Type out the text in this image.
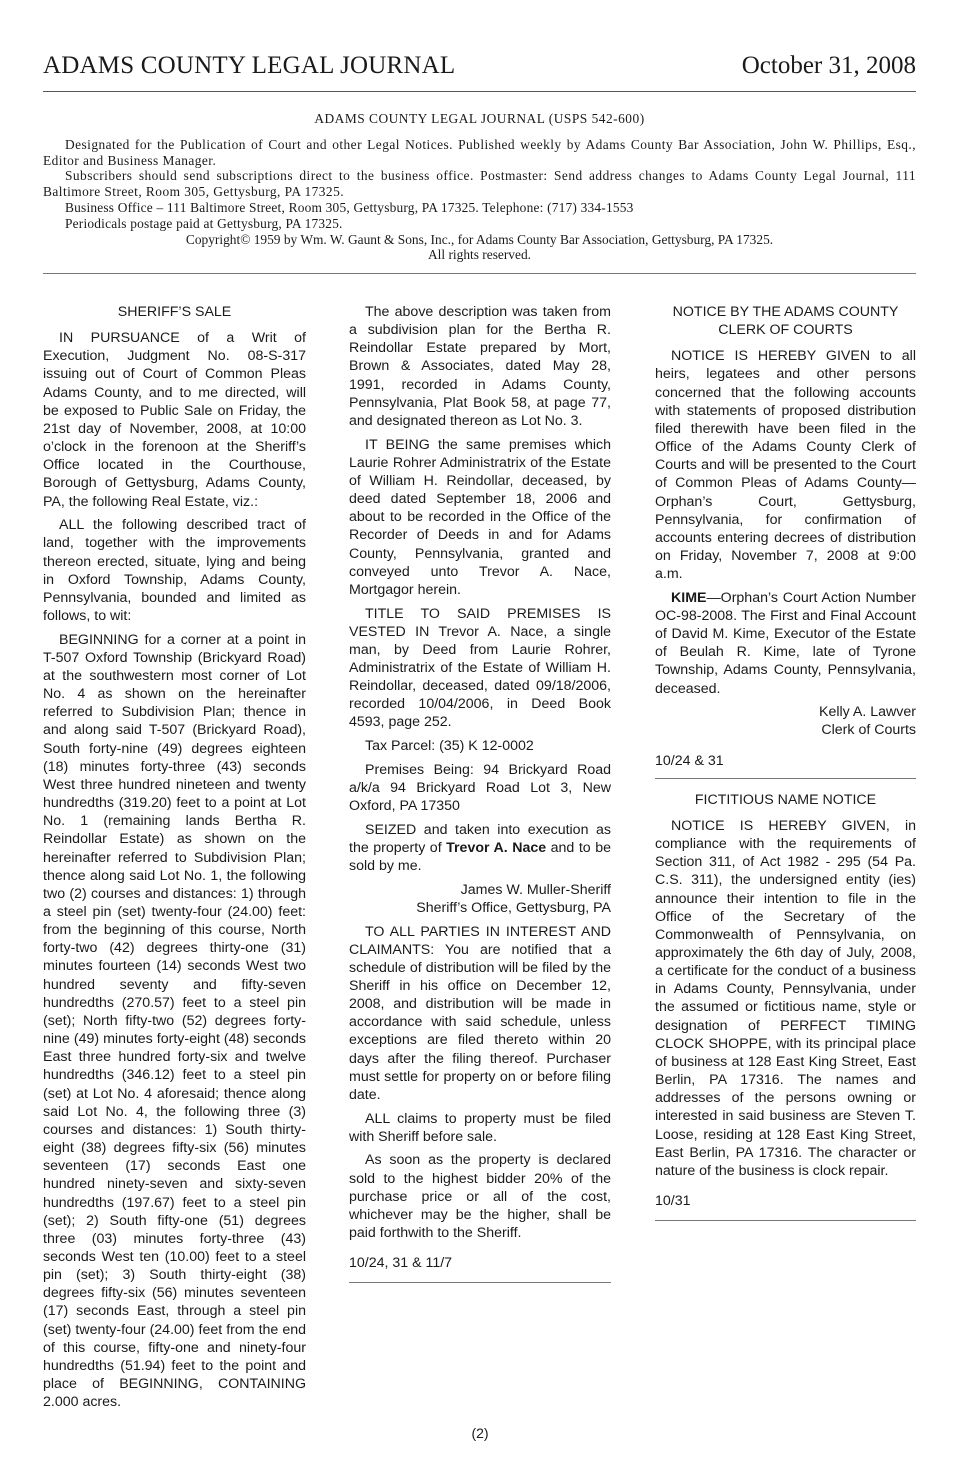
ADAMS COUNTY LEGAL JOURNAL	October 31, 2008
ADAMS COUNTY LEGAL JOURNAL (USPS 542-600)
Designated for the Publication of Court and other Legal Notices. Published weekly by Adams County Bar Association, John W. Phillips, Esq., Editor and Business Manager.
Subscribers should send subscriptions direct to the business office. Postmaster: Send address changes to Adams County Legal Journal, 111 Baltimore Street, Room 305, Gettysburg, PA 17325.
Business Office – 111 Baltimore Street, Room 305, Gettysburg, PA 17325. Telephone: (717) 334-1553
Periodicals postage paid at Gettysburg, PA 17325.
Copyright© 1959 by Wm. W. Gaunt & Sons, Inc., for Adams County Bar Association, Gettysburg, PA 17325.
All rights reserved.

SHERIFF’S SALE

IN PURSUANCE of a Writ of Execution, Judgment No. 08-S-317 issuing out of Court of Common Pleas Adams County, and to me directed, will be exposed to Public Sale on Friday, the 21st day of November, 2008, at 10:00 o’clock in the forenoon at the Sheriff’s Office located in the Courthouse, Borough of Gettysburg, Adams County, PA, the following Real Estate, viz.:

ALL the following described tract of land, together with the improvements thereon erected, situate, lying and being in Oxford Township, Adams County, Pennsylvania, bounded and limited as follows, to wit:

BEGINNING for a corner at a point in T-507 Oxford Township (Brickyard Road) at the southwestern most corner of Lot No. 4 as shown on the hereinafter referred to Subdivision Plan; thence in and along said T-507 (Brickyard Road), South forty-nine (49) degrees eighteen (18) minutes forty-three (43) seconds West three hundred nineteen and twenty hundredths (319.20) feet to a point at Lot No. 1 (remaining lands Bertha R. Reindollar Estate) as shown on the hereinafter referred to Subdivision Plan; thence along said Lot No. 1, the following two (2) courses and distances: 1) through a steel pin (set) twenty-four (24.00) feet: from the beginning of this course, North forty-two (42) degrees thirty-one (31) minutes fourteen (14) seconds West two hundred seventy and fifty-seven hundredths (270.57) feet to a steel pin (set); North fifty-two (52) degrees forty-nine (49) minutes forty-eight (48) seconds East three hundred forty-six and twelve hundredths (346.12) feet to a steel pin (set) at Lot No. 4 aforesaid; thence along said Lot No. 4, the following three (3) courses and distances: 1) South thirty-eight (38) degrees fifty-six (56) minutes seventeen (17) seconds East one hundred ninety-seven and sixty-seven hundredths (197.67) feet to a steel pin (set); 2) South fifty-one (51) degrees three (03) minutes forty-three (43) seconds West ten (10.00) feet to a steel pin (set); 3) South thirty-eight (38) degrees fifty-six (56) minutes seventeen (17) seconds East, through a steel pin (set) twenty-four (24.00) feet from the end of this course, fifty-one and ninety-four hundredths (51.94) feet to the point and place of BEGINNING, CONTAINING 2.000 acres.

The above description was taken from a subdivision plan for the Bertha R. Reindollar Estate prepared by Mort, Brown & Associates, dated May 28, 1991, recorded in Adams County, Pennsylvania, Plat Book 58, at page 77, and designated thereon as Lot No. 3.

IT BEING the same premises which Laurie Rohrer Administratrix of the Estate of William H. Reindollar, deceased, by deed dated September 18, 2006 and about to be recorded in the Office of the Recorder of Deeds in and for Adams County, Pennsylvania, granted and conveyed unto Trevor A. Nace, Mortgagor herein.

TITLE TO SAID PREMISES IS VESTED IN Trevor A. Nace, a single man, by Deed from Laurie Rohrer, Administratrix of the Estate of William H. Reindollar, deceased, dated 09/18/2006, recorded 10/04/2006, in Deed Book 4593, page 252.

Tax Parcel: (35) K 12-0002

Premises Being: 94 Brickyard Road a/k/a 94 Brickyard Road Lot 3, New Oxford, PA 17350

SEIZED and taken into execution as the property of Trevor A. Nace and to be sold by me.

James W. Muller-Sheriff

Sheriff’s Office, Gettysburg, PA

TO ALL PARTIES IN INTEREST AND CLAIMANTS: You are notified that a schedule of distribution will be filed by the Sheriff in his office on December 12, 2008, and distribution will be made in accordance with said schedule, unless exceptions are filed thereto within 20 days after the filing thereof. Purchaser must settle for property on or before filing date.

ALL claims to property must be filed with Sheriff before sale.

As soon as the property is declared sold to the highest bidder 20% of the purchase price or all of the cost, whichever may be the higher, shall be paid forthwith to the Sheriff.

10/24, 31 & 11/7

NOTICE BY THE ADAMS COUNTY
CLERK OF COURTS

NOTICE IS HEREBY GIVEN to all heirs, legatees and other persons concerned that the following accounts with statements of proposed distribution filed therewith have been filed in the Office of the Adams County Clerk of Courts and will be presented to the Court of Common Pleas of Adams County—Orphan’s Court, Gettysburg, Pennsylvania, for confirmation of accounts entering decrees of distribution on Friday, November 7, 2008 at 9:00 a.m.

KIME—Orphan’s Court Action Number OC-98-2008. The First and Final Account of David M. Kime, Executor of the Estate of Beulah R. Kime, late of Tyrone Township, Adams County, Pennsylvania, deceased.

Kelly A. Lawver

Clerk of Courts

10/24 & 31

FICTITIOUS NAME NOTICE

NOTICE IS HEREBY GIVEN, in compliance with the requirements of Section 311, of Act 1982 - 295 (54 Pa. C.S. 311), the undersigned entity (ies) announce their intention to file in the Office of the Secretary of the Commonwealth of Pennsylvania, on approximately the 6th day of July, 2008, a certificate for the conduct of a business in Adams County, Pennsylvania, under the assumed or fictitious name, style or designation of PERFECT TIMING CLOCK SHOPPE, with its principal place of business at 128 East King Street, East Berlin, PA 17316. The names and addresses of the persons owning or interested in said business are Steven T. Loose, residing at 128 East King Street, East Berlin, PA 17316. The character or nature of the business is clock repair.

10/31

(2)
